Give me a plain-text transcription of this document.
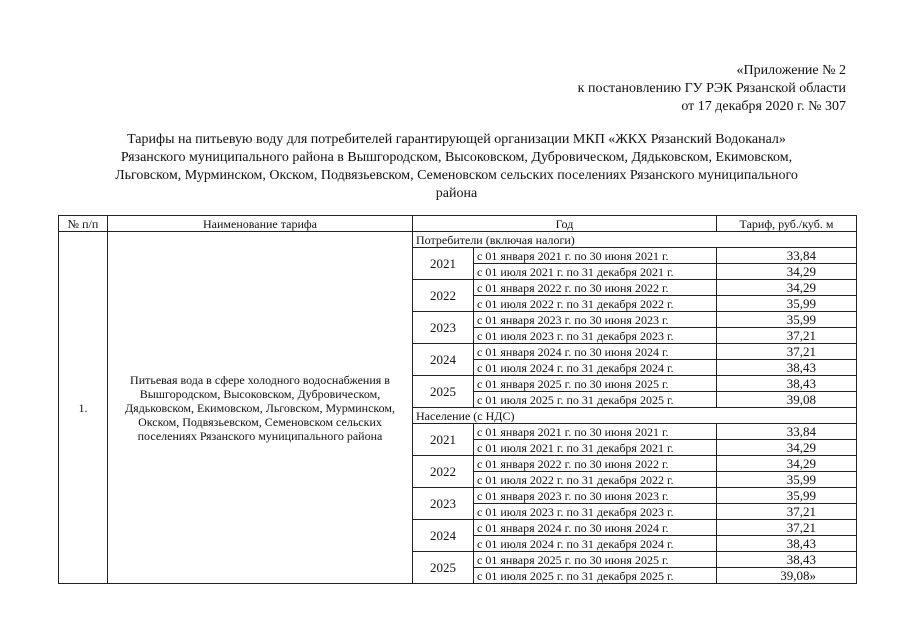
«Приложение № 2
к постановлению ГУ РЭК Рязанской области
от 17 декабря 2020 г. № 307
Тарифы на питьевую воду для потребителей гарантирующей организации МКП «ЖКХ Рязанский Водоканал»
Рязанского муниципального района в Вышгородском, Высоковском, Дубровическом, Дядьковском, Екимовском,
Льговском, Мурминском, Окском, Подвязьевском, Семеновском сельских поселениях Рязанского муниципального
района
№ п/п	Наименование тарифа	Год		Тариф, руб./куб. м
1.	Питьевая вода в сфере холодного водоснабжения в Вышгородском, Высоковском, Дубровическом, Дядьковском, Екимовском, Льговском, Мурминском, Окском, Подвязьевском, Семеновском сельских поселениях Рязанского муниципального района	Потребители (включая налоги)		
		2021	с 01 января 2021 г. по 30 июня 2021 г.	33,84
			с 01 июля 2021 г. по 31 декабря 2021 г.	34,29
		2022	с 01 января 2022 г. по 30 июня 2022 г.	34,29
			с 01 июля 2022 г. по 31 декабря 2022 г.	35,99
		2023	с 01 января 2023 г. по 30 июня 2023 г.	35,99
			с 01 июля 2023 г. по 31 декабря 2023 г.	37,21
		2024	с 01 января 2024 г. по 30 июня 2024 г.	37,21
			с 01 июля 2024 г. по 31 декабря 2024 г.	38,43
		2025	с 01 января 2025 г. по 30 июня 2025 г.	38,43
			с 01 июля 2025 г. по 31 декабря 2025 г.	39,08
		Население (с НДС)		
		2021	с 01 января 2021 г. по 30 июня 2021 г.	33,84
			с 01 июля 2021 г. по 31 декабря 2021 г.	34,29
		2022	с 01 января 2022 г. по 30 июня 2022 г.	34,29
			с 01 июля 2022 г. по 31 декабря 2022 г.	35,99
		2023	с 01 января 2023 г. по 30 июня 2023 г.	35,99
			с 01 июля 2023 г. по 31 декабря 2023 г.	37,21
		2024	с 01 января 2024 г. по 30 июня 2024 г.	37,21
			с 01 июля 2024 г. по 31 декабря 2024 г.	38,43
		2025	с 01 января 2025 г. по 30 июня 2025 г.	38,43
			с 01 июля 2025 г. по 31 декабря 2025 г.	39,08»
